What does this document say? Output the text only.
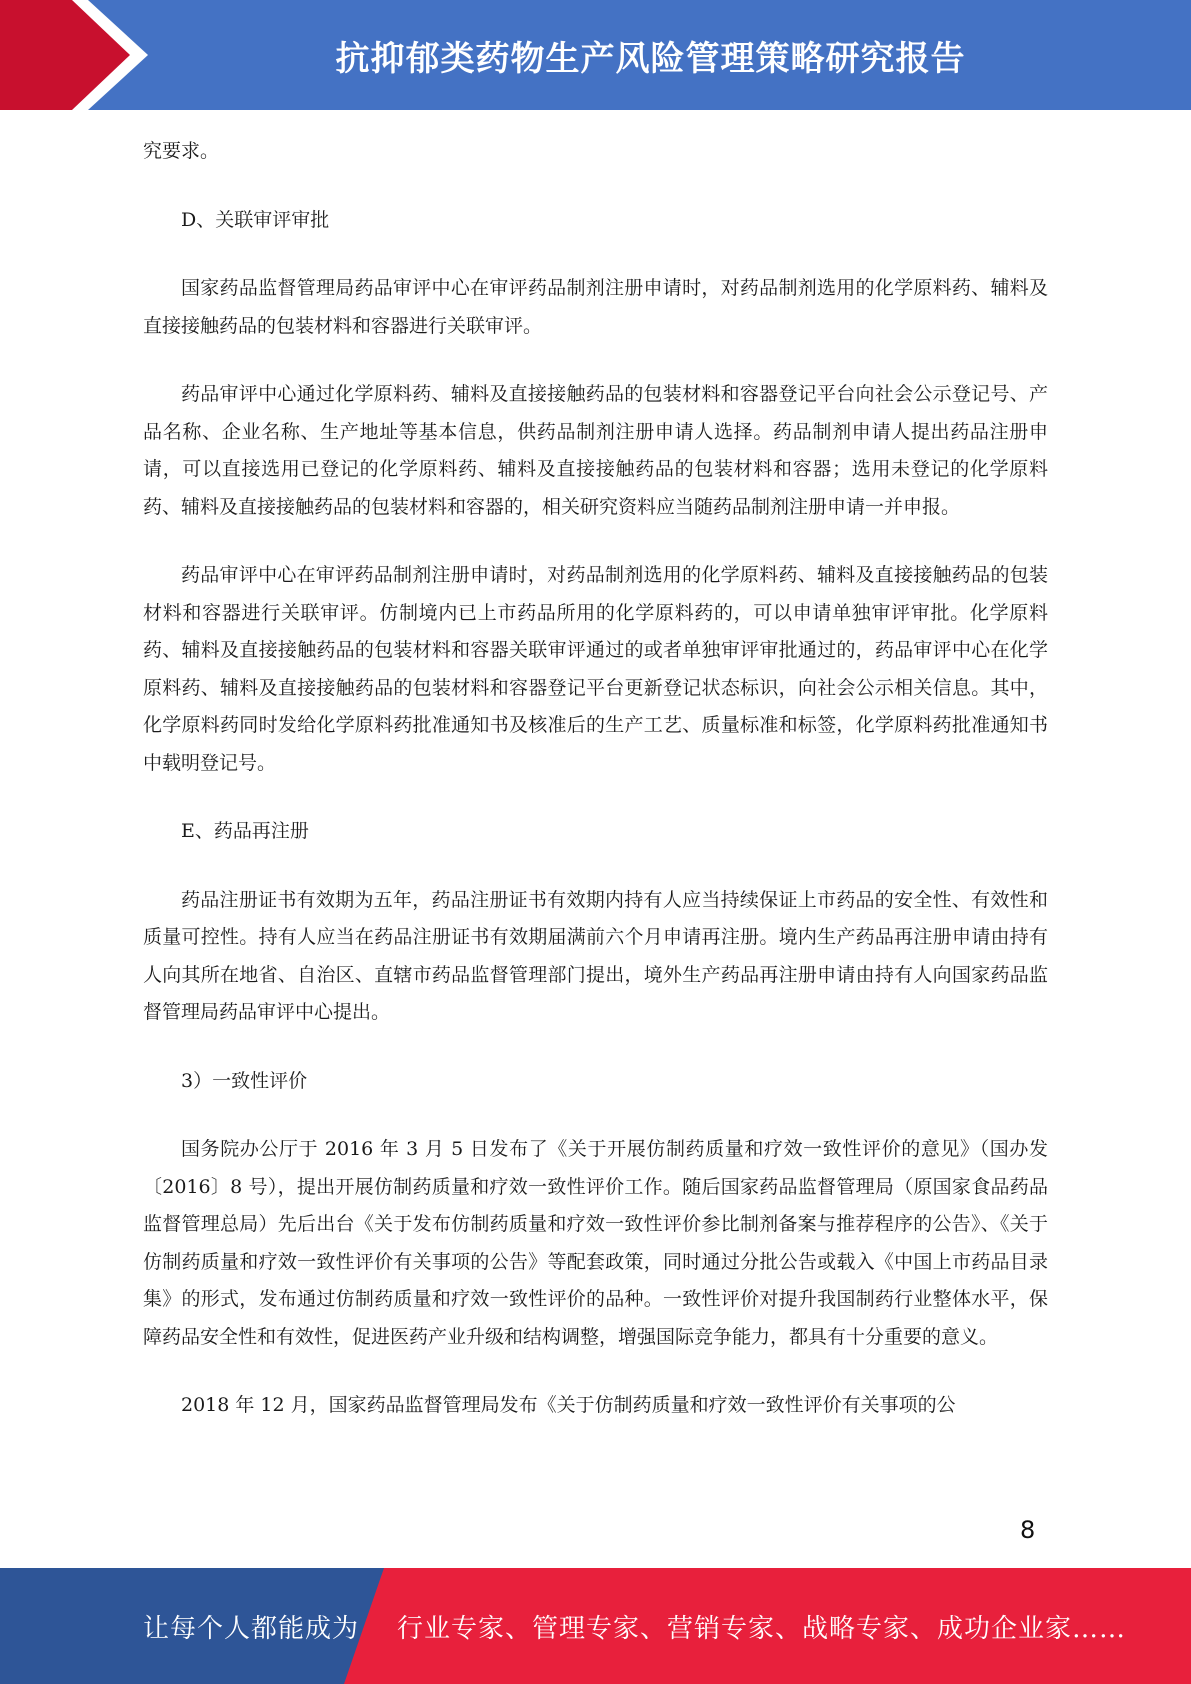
抗抑郁类药物生产风险管理策略研究报告

究要求。

D、关联审评审批

国家药品监督管理局药品审评中心在审评药品制剂注册申请时，对药品制剂选用的化学原料药、辅料及直接接触药品的包装材料和容器进行关联审评。

药品审评中心通过化学原料药、辅料及直接接触药品的包装材料和容器登记平台向社会公示登记号、产品名称、企业名称、生产地址等基本信息，供药品制剂注册申请人选择。药品制剂申请人提出药品注册申请，可以直接选用已登记的化学原料药、辅料及直接接触药品的包装材料和容器；选用未登记的化学原料药、辅料及直接接触药品的包装材料和容器的，相关研究资料应当随药品制剂注册申请一并申报。

药品审评中心在审评药品制剂注册申请时，对药品制剂选用的化学原料药、辅料及直接接触药品的包装材料和容器进行关联审评。仿制境内已上市药品所用的化学原料药的，可以申请单独审评审批。化学原料药、辅料及直接接触药品的包装材料和容器关联审评通过的或者单独审评审批通过的，药品审评中心在化学原料药、辅料及直接接触药品的包装材料和容器登记平台更新登记状态标识，向社会公示相关信息。其中，化学原料药同时发给化学原料药批准通知书及核准后的生产工艺、质量标准和标签，化学原料药批准通知书中载明登记号。

E、药品再注册

药品注册证书有效期为五年，药品注册证书有效期内持有人应当持续保证上市药品的安全性、有效性和质量可控性。持有人应当在药品注册证书有效期届满前六个月申请再注册。境内生产药品再注册申请由持有人向其所在地省、自治区、直辖市药品监督管理部门提出，境外生产药品再注册申请由持有人向国家药品监督管理局药品审评中心提出。

3）一致性评价

国务院办公厅于 2016 年 3 月 5 日发布了《关于开展仿制药质量和疗效一致性评价的意见》（国办发〔2016〕8 号），提出开展仿制药质量和疗效一致性评价工作。随后国家药品监督管理局（原国家食品药品监督管理总局）先后出台《关于发布仿制药质量和疗效一致性评价参比制剂备案与推荐程序的公告》、《关于仿制药质量和疗效一致性评价有关事项的公告》等配套政策，同时通过分批公告或载入《中国上市药品目录集》的形式，发布通过仿制药质量和疗效一致性评价的品种。一致性评价对提升我国制药行业整体水平，保障药品安全性和有效性，促进医药产业升级和结构调整，增强国际竞争能力，都具有十分重要的意义。

2018 年 12 月，国家药品监督管理局发布《关于仿制药质量和疗效一致性评价有关事项的公

8
让每个人都能成为 行业专家、管理专家、营销专家、战略专家、成功企业家……
